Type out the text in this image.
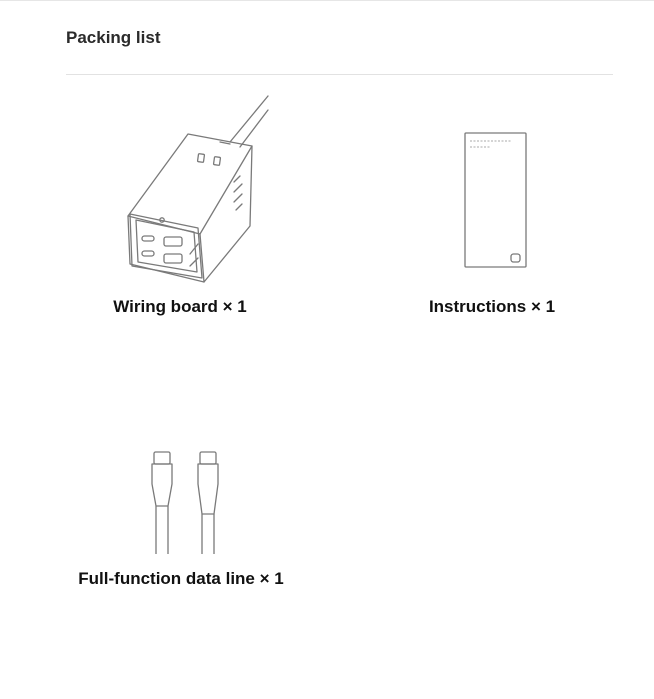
Packing list
Wiring board × 1	Instructions × 1
Full-function data line × 1
